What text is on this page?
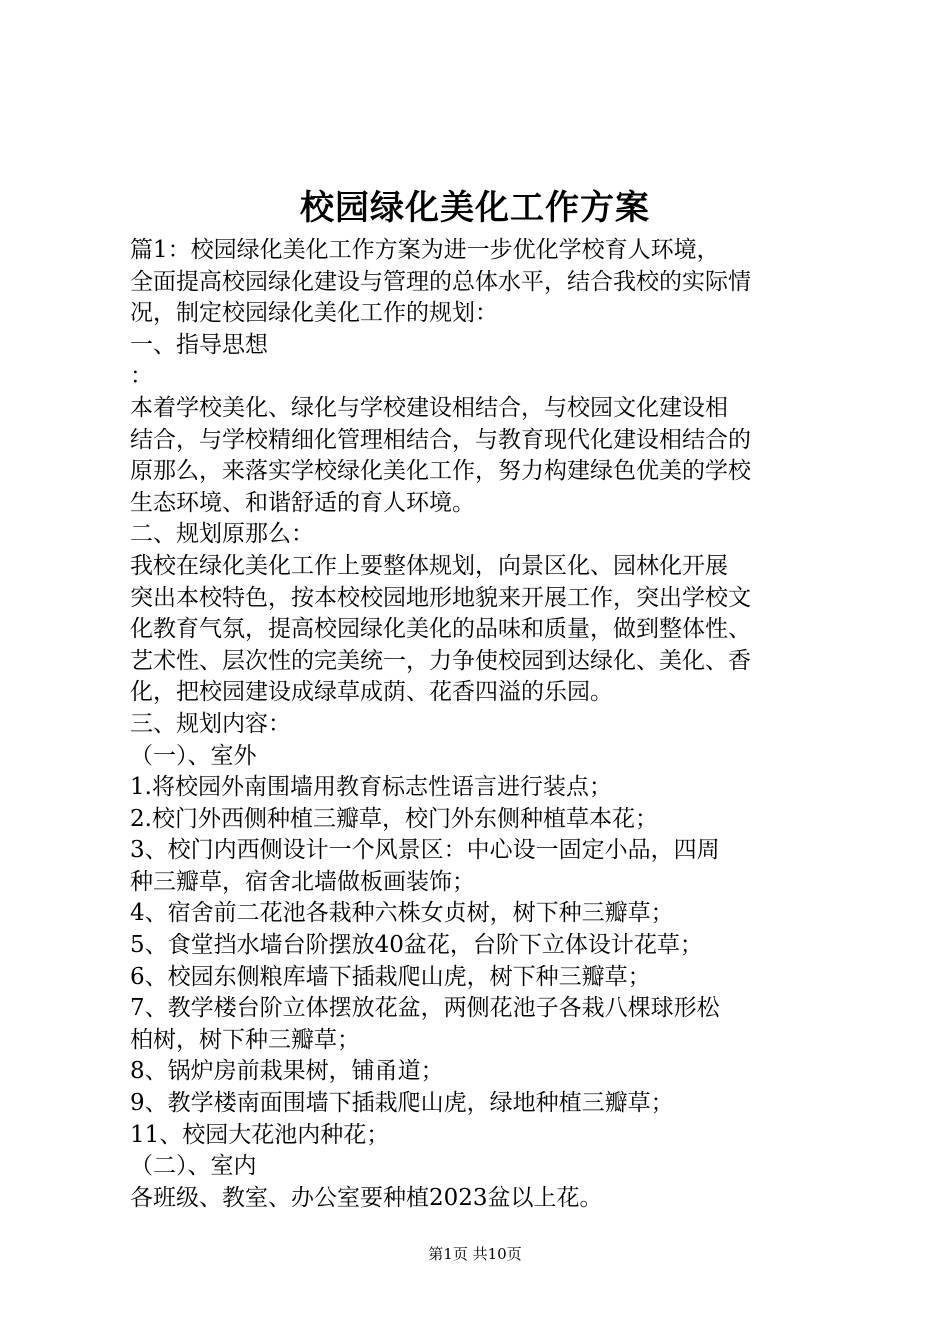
校园绿化美化工作方案

篇1：校园绿化美化工作方案为进一步优化学校育人环境，

全面提高校园绿化建设与管理的总体水平，结合我校的实际情

况，制定校园绿化美化工作的规划：

一、指导思想

：

本着学校美化、绿化与学校建设相结合，与校园文化建设相

结合，与学校精细化管理相结合，与教育现代化建设相结合的

原那么，来落实学校绿化美化工作，努力构建绿色优美的学校

生态环境、和谐舒适的育人环境。

二、规划原那么：

我校在绿化美化工作上要整体规划，向景区化、园林化开展

突出本校特色，按本校校园地形地貌来开展工作，突出学校文

化教育气氛，提高校园绿化美化的品味和质量，做到整体性、

艺术性、层次性的完美统一，力争使校园到达绿化、美化、香

化，把校园建设成绿草成荫、花香四溢的乐园。

三、规划内容：

（一）、室外

1.将校园外南围墙用教育标志性语言进行装点；

2.校门外西侧种植三瓣草，校门外东侧种植草本花；

3、校门内西侧设计一个风景区：中心设一固定小品，四周

种三瓣草，宿舍北墙做板画装饰；

4、宿舍前二花池各栽种六株女贞树，树下种三瓣草；

5、食堂挡水墙台阶摆放40盆花，台阶下立体设计花草；

6、校园东侧粮库墙下插栽爬山虎，树下种三瓣草；

7、教学楼台阶立体摆放花盆，两侧花池子各栽八棵球形松

柏树，树下种三瓣草；

8、锅炉房前栽果树，铺甬道；

9、教学楼南面围墙下插栽爬山虎，绿地种植三瓣草；

11、校园大花池内种花；

（二）、室内

各班级、教室、办公室要种植2023盆以上花。

第1页 共10页
